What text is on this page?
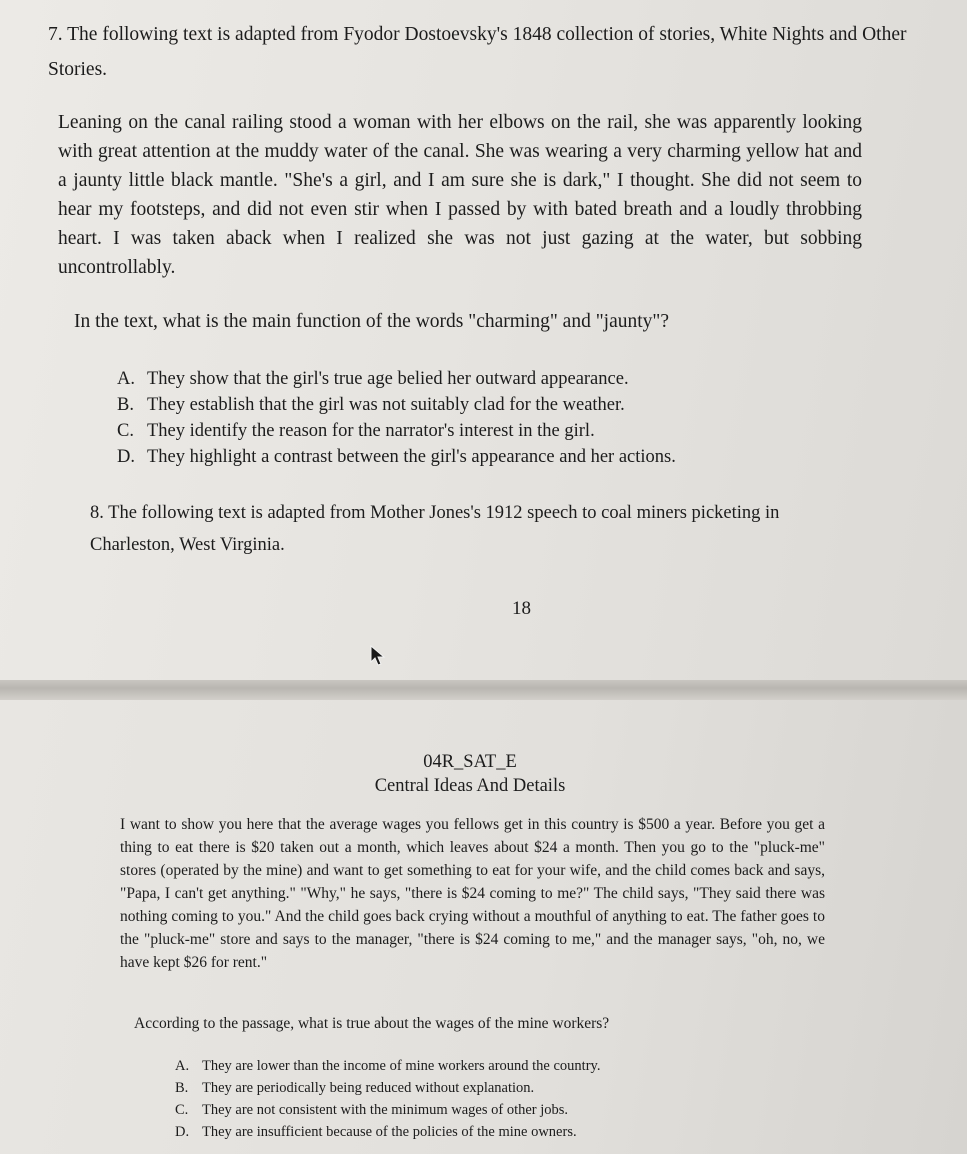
7. The following text is adapted from Fyodor Dostoevsky's 1848 collection of stories, White Nights and Other Stories.
Leaning on the canal railing stood a woman with her elbows on the rail, she was apparently looking with great attention at the muddy water of the canal. She was wearing a very charming yellow hat and a jaunty little black mantle. "She's a girl, and I am sure she is dark," I thought. She did not seem to hear my footsteps, and did not even stir when I passed by with bated breath and a loudly throbbing heart. I was taken aback when I realized she was not just gazing at the water, but sobbing uncontrollably.
In the text, what is the main function of the words "charming" and "jaunty"?
A. They show that the girl's true age belied her outward appearance.
B. They establish that the girl was not suitably clad for the weather.
C. They identify the reason for the narrator's interest in the girl.
D. They highlight a contrast between the girl's appearance and her actions.
8. The following text is adapted from Mother Jones's 1912 speech to coal miners picketing in Charleston, West Virginia.
18
04R_SAT_E
Central Ideas And Details
I want to show you here that the average wages you fellows get in this country is $500 a year. Before you get a thing to eat there is $20 taken out a month, which leaves about $24 a month. Then you go to the "pluck-me" stores (operated by the mine) and want to get something to eat for your wife, and the child comes back and says, "Papa, I can't get anything." "Why," he says, "there is $24 coming to me?" The child says, "They said there was nothing coming to you." And the child goes back crying without a mouthful of anything to eat. The father goes to the "pluck-me" store and says to the manager, "there is $24 coming to me," and the manager says, "oh, no, we have kept $26 for rent."
According to the passage, what is true about the wages of the mine workers?
A. They are lower than the income of mine workers around the country.
B. They are periodically being reduced without explanation.
C. They are not consistent with the minimum wages of other jobs.
D. They are insufficient because of the policies of the mine owners.
